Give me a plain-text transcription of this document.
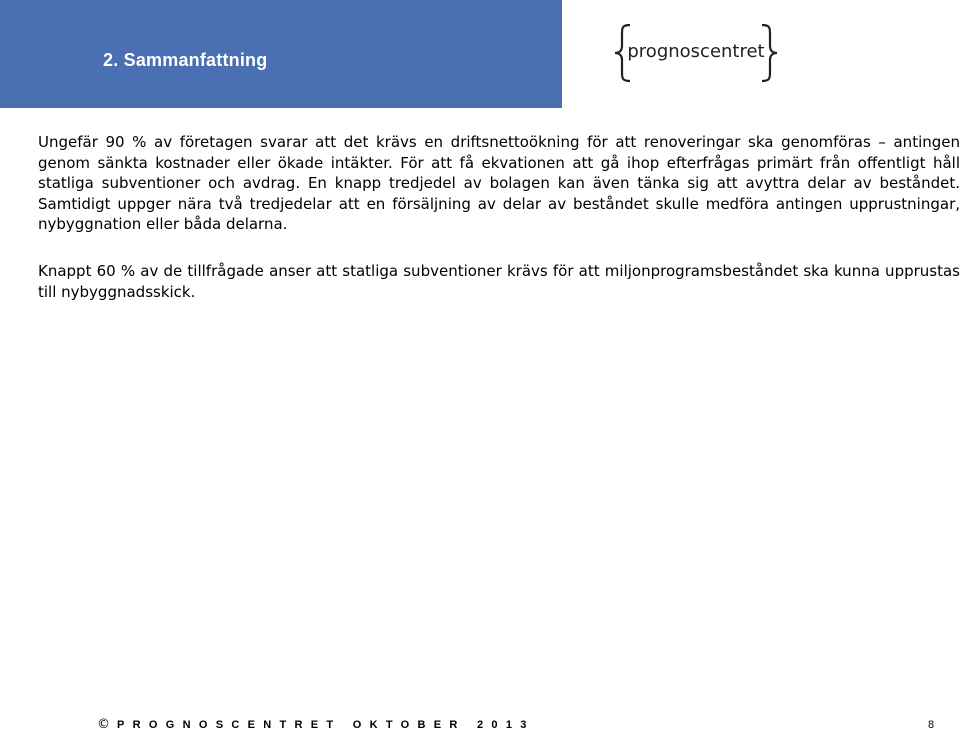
2. Sammanfattning	prognoscentret

Ungefär 90 % av företagen svarar att det krävs en driftsnettoökning för att renoveringar ska genomföras – antingen genom sänkta kostnader eller ökade intäkter. För att få ekvationen att gå ihop efterfrågas primärt från offentligt håll statliga subventioner och avdrag. En knapp tredjedel av bolagen kan även tänka sig att avyttra delar av beståndet. Samtidigt uppger nära två tredjedelar att en försäljning av delar av beståndet skulle medföra antingen upprustningar, nybyggnation eller båda delarna.

Knappt 60 % av de tillfrågade anser att statliga subventioner krävs för att miljonprogramsbeståndet ska kunna upprustas till nybyggnadsskick.

© PROGNOSCENTRET OKTOBER 2013	8
